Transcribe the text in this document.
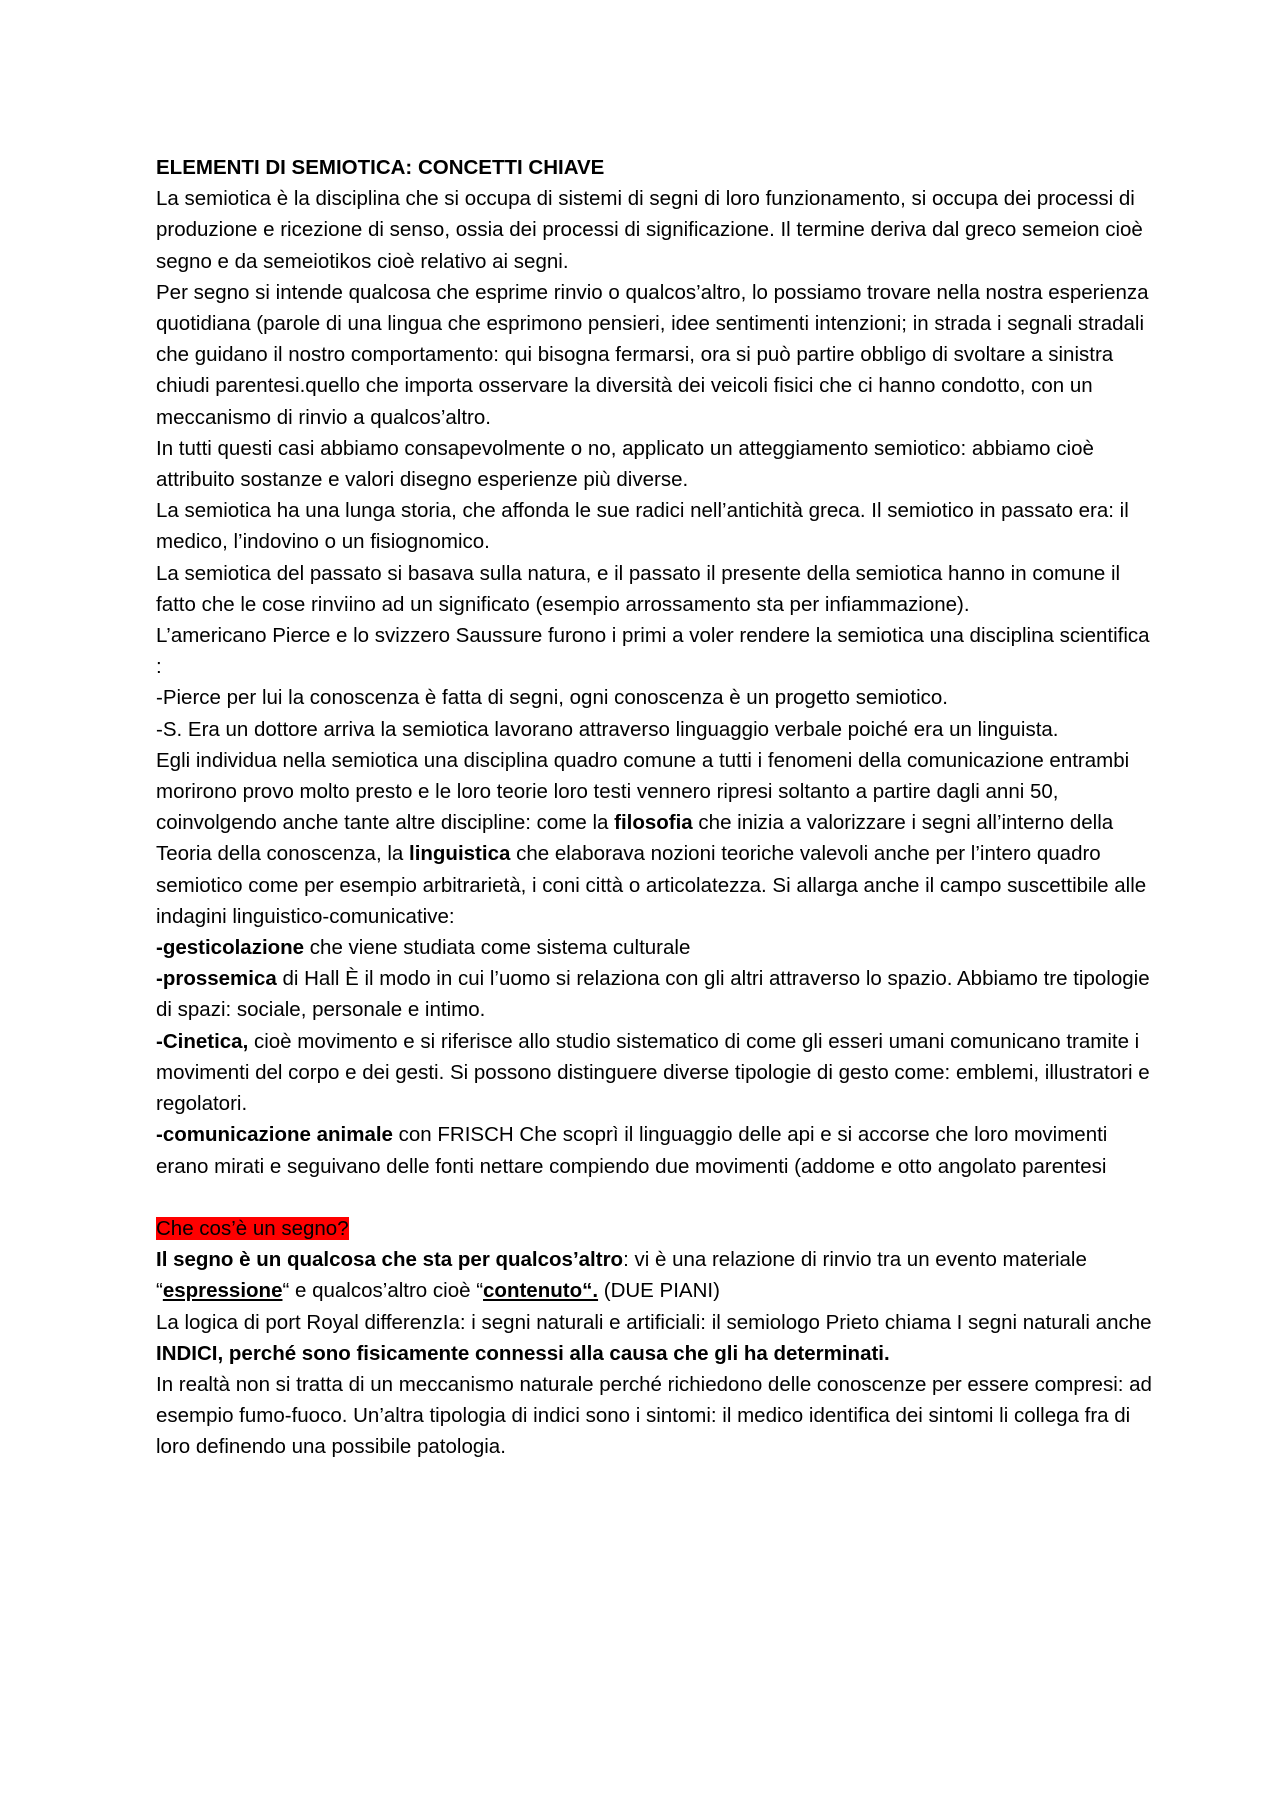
ELEMENTI DI SEMIOTICA: CONCETTI CHIAVE

La semiotica è la disciplina che si occupa di sistemi di segni di loro funzionamento, si occupa dei processi di produzione e ricezione di senso, ossia dei processi di significazione. Il termine deriva dal greco semeion cioè segno e da semeiotikos cioè relativo ai segni.

Per segno si intende qualcosa che esprime rinvio o qualcos’altro, lo possiamo trovare nella nostra esperienza quotidiana (parole di una lingua che esprimono pensieri, idee sentimenti intenzioni; in strada i segnali stradali che guidano il nostro comportamento: qui bisogna fermarsi, ora si può partire obbligo di svoltare a sinistra chiudi parentesi.quello che importa osservare la diversità dei veicoli fisici che ci hanno condotto, con un meccanismo di rinvio a qualcos’altro.

In tutti questi casi abbiamo consapevolmente o no, applicato un atteggiamento semiotico: abbiamo cioè attribuito sostanze e valori disegno esperienze più diverse.

La semiotica ha una lunga storia, che affonda le sue radici nell’antichità greca. Il semiotico in passato era: il medico, l’indovino o un fisiognomico.

La semiotica del passato si basava sulla natura, e il passato il presente della semiotica hanno in comune il fatto che le cose rinviino ad un significato (esempio arrossamento sta per infiammazione).

L’americano Pierce e lo svizzero Saussure furono i primi a voler rendere la semiotica una disciplina scientifica :

-Pierce per lui la conoscenza è fatta di segni, ogni conoscenza è un progetto semiotico.

-S. Era un dottore arriva la semiotica lavorano attraverso linguaggio verbale poiché era un linguista.

Egli individua nella semiotica una disciplina quadro comune a tutti i fenomeni della comunicazione entrambi morirono provo molto presto e le loro teorie loro testi vennero ripresi soltanto a partire dagli anni 50, coinvolgendo anche tante altre discipline: come la filosofia che inizia a valorizzare i segni all’interno della Teoria della conoscenza, la linguistica che elaborava nozioni teoriche valevoli anche per l’intero quadro semiotico come per esempio arbitrarietà, i coni città o articolatezza. Si allarga anche il campo suscettibile alle indagini linguistico-comunicative:

-gesticolazione che viene studiata come sistema culturale

-prossemica di Hall È il modo in cui l’uomo si relaziona con gli altri attraverso lo spazio. Abbiamo tre tipologie di spazi: sociale, personale e intimo.

-Cinetica, cioè movimento e si riferisce allo studio sistematico di come gli esseri umani comunicano tramite i movimenti del corpo e dei gesti. Si possono distinguere diverse tipologie di gesto come: emblemi, illustratori e regolatori.

-comunicazione animale con FRISCH Che scoprì il linguaggio delle api e si accorse che loro movimenti erano mirati e seguivano delle fonti nettare compiendo due movimenti (addome e otto angolato parentesi

Che cos’è un segno?

Il segno è un qualcosa che sta per qualcos’altro: vi è una relazione di rinvio tra un evento materiale “espressione“ e qualcos’altro cioè “contenuto“. (DUE PIANI)

La logica di port Royal differenzIa: i segni naturali e artificiali: il semiologo Prieto chiama I segni naturali anche INDICI, perché sono fisicamente connessi alla causa che gli ha determinati.

In realtà non si tratta di un meccanismo naturale perché richiedono delle conoscenze per essere compresi: ad esempio fumo-fuoco. Un’altra tipologia di indici sono i sintomi: il medico identifica dei sintomi li collega fra di loro definendo una possibile patologia.
